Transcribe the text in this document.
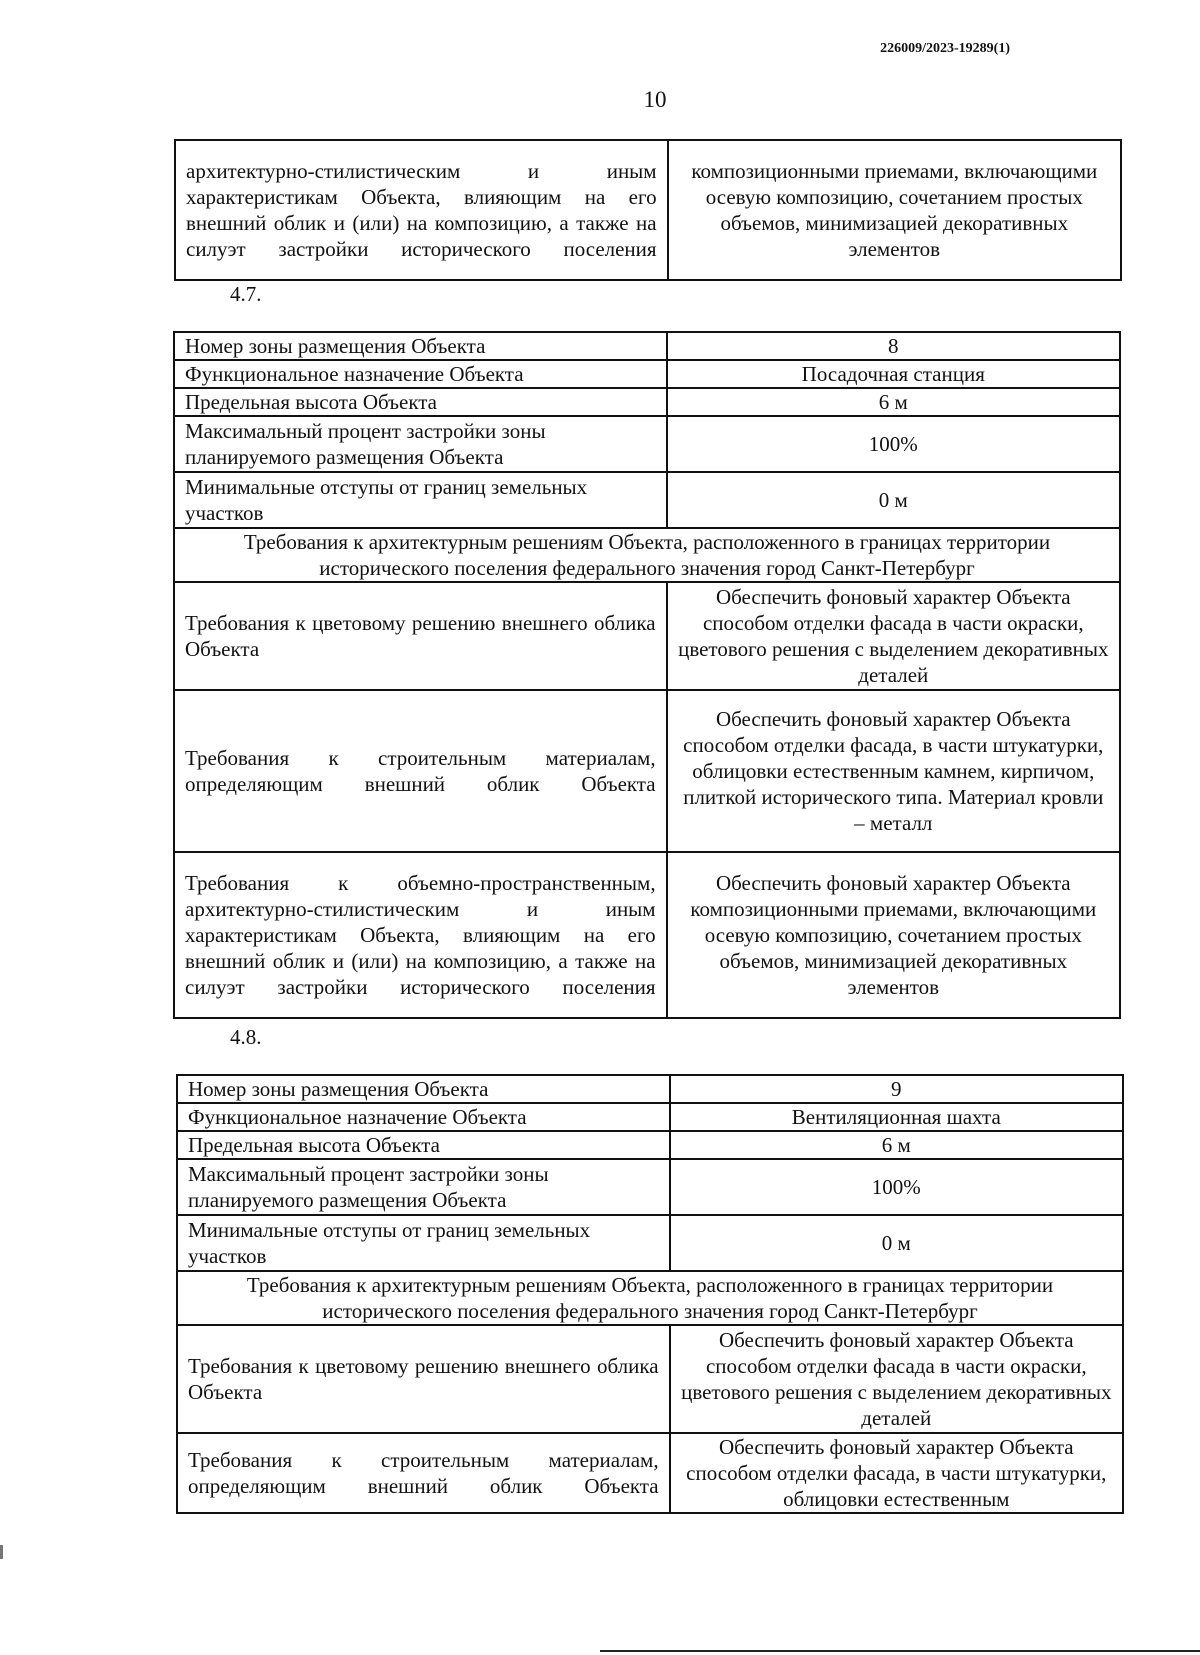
226009/2023-19289(1)
10
архитектурно-стилистическим и иным характеристикам Объекта, влияющим на его внешний облик и (или) на композицию, а также на силуэт застройки исторического поселения	композиционными приемами, включающими осевую композицию, сочетанием простых объемов, минимизацией декоративных элементов
4.7.
Номер зоны размещения Объекта	8
Функциональное назначение Объекта	Посадочная станция
Предельная высота Объекта	6 м
Максимальный процент застройки зоны планируемого размещения Объекта	100%
Минимальные отступы от границ земельных участков	0 м
Требования к архитектурным решениям Объекта, расположенного в границах территории исторического поселения федерального значения город Санкт-Петербург	
Требования к цветовому решению внешнего облика Объекта	Обеспечить фоновый характер Объекта способом отделки фасада в части окраски, цветового решения с выделением декоративных деталей
Требования к строительным материалам, определяющим внешний облик Объекта	Обеспечить фоновый характер Объекта способом отделки фасада, в части штукатурки, облицовки естественным камнем, кирпичом, плиткой исторического типа. Материал кровли – металл
Требования к объемно-пространственным, архитектурно-стилистическим и иным характеристикам Объекта, влияющим на его внешний облик и (или) на композицию, а также на силуэт застройки исторического поселения	Обеспечить фоновый характер Объекта композиционными приемами, включающими осевую композицию, сочетанием простых объемов, минимизацией декоративных элементов
4.8.
Номер зоны размещения Объекта	9
Функциональное назначение Объекта	Вентиляционная шахта
Предельная высота Объекта	6 м
Максимальный процент застройки зоны планируемого размещения Объекта	100%
Минимальные отступы от границ земельных участков	0 м
Требования к архитектурным решениям Объекта, расположенного в границах территории исторического поселения федерального значения город Санкт-Петербург	
Требования к цветовому решению внешнего облика Объекта	Обеспечить фоновый характер Объекта способом отделки фасада в части окраски, цветового решения с выделением декоративных деталей
Требования к строительным материалам, определяющим внешний облик Объекта	Обеспечить фоновый характер Объекта способом отделки фасада, в части штукатурки, облицовки естественным
